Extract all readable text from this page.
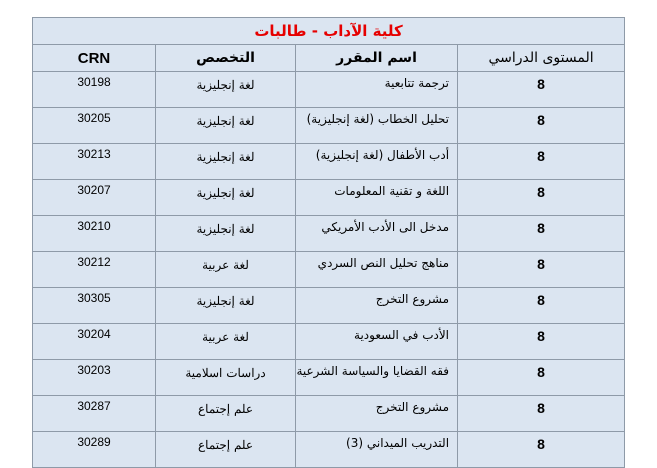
كلية الآداب - طالبات			
المستوى الدراسي	اسم المقرر	التخصص	CRN
8	ترجمة تتابعية	لغة إنجليزية	30198
8	تحليل الخطاب (لغة إنجليزية)	لغة إنجليزية	30205
8	أدب الأطفال (لغة إنجليزية)	لغة إنجليزية	30213
8	اللغة و تقنية المعلومات	لغة إنجليزية	30207
8	مدخل الى الأدب الأمريكي	لغة إنجليزية	30210
8	مناهج تحليل النص السردي	لغة عربية	30212
8	مشروع التخرج	لغة إنجليزية	30305
8	الأدب في السعودية	لغة عربية	30204
8	فقه القضايا والسياسة الشرعية	دراسات اسلامية	30203
8	مشروع التخرج	علم إجتماع	30287
8	التدريب الميداني (3)	علم إجتماع	30289
